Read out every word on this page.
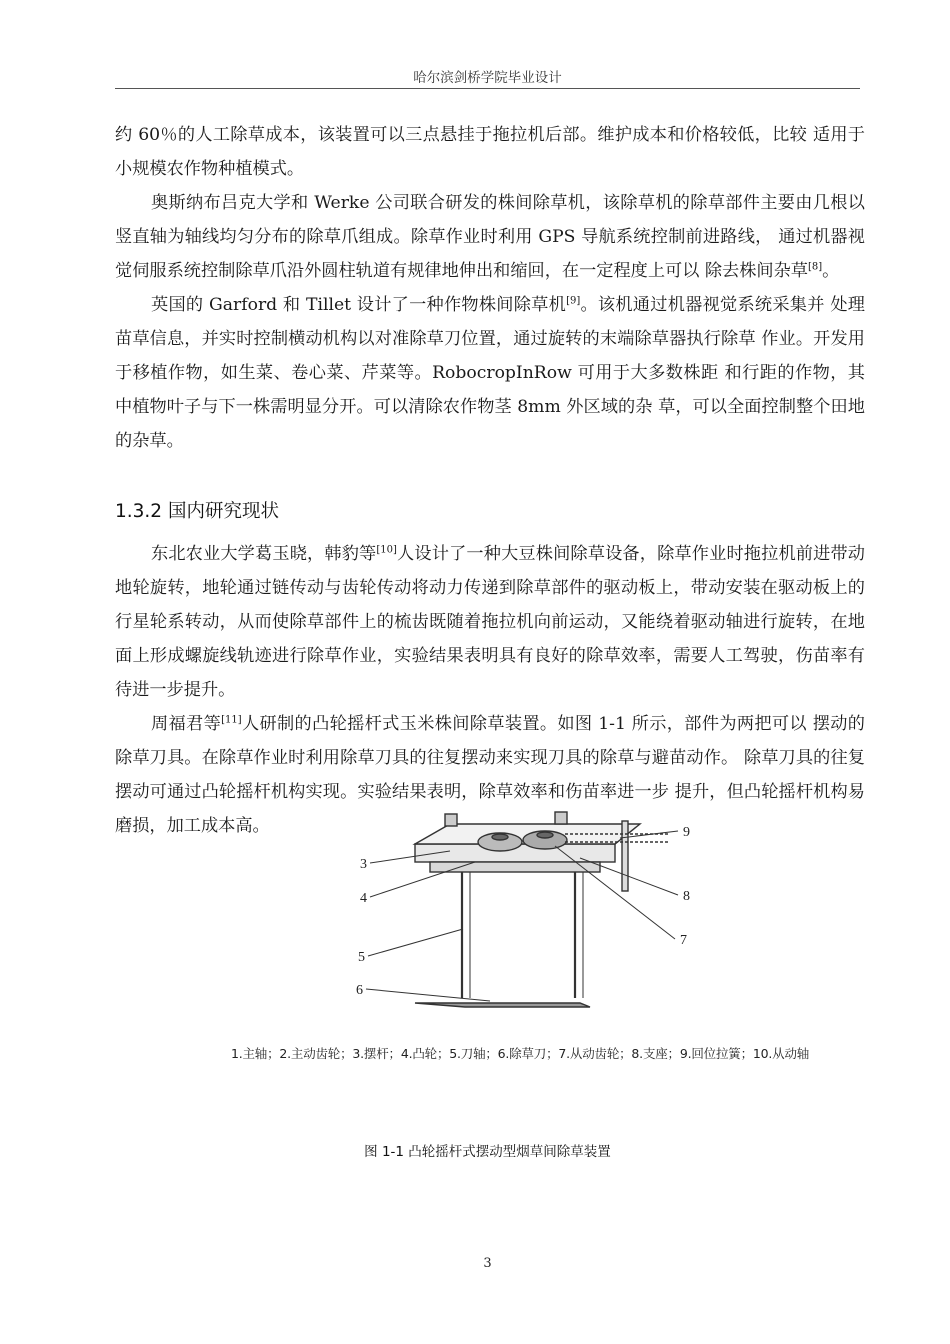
哈尔滨剑桥学院毕业设计

约 60％的人工除草成本，该装置可以三点悬挂于拖拉机后部。维护成本和价格较低，比较 适用于小规模农作物种植模式。

奥斯纳布吕克大学和 Werke 公司联合研发的株间除草机，该除草机的除草部件主要由几根以竖直轴为轴线均匀分布的除草爪组成。除草作业时利用 GPS 导航系统控制前进路线， 通过机器视觉伺服系统控制除草爪沿外圆柱轨道有规律地伸出和缩回，在一定程度上可以 除去株间杂草[8]。

英国的 Garford 和 Tillet 设计了一种作物株间除草机[9]。该机通过机器视觉系统采集并 处理苗草信息，并实时控制横动机构以对准除草刀位置，通过旋转的末端除草器执行除草 作业。开发用于移植作物，如生菜、卷心菜、芹菜等。RobocropInRow 可用于大多数株距 和行距的作物，其中植物叶子与下一株需明显分开。可以清除农作物茎 8mm 外区域的杂 草，可以全面控制整个田地的杂草。

1.3.2 国内研究现状

东北农业大学葛玉晓，韩豹等[10]人设计了一种大豆株间除草设备，除草作业时拖拉机前进带动地轮旋转，地轮通过链传动与齿轮传动将动力传递到除草部件的驱动板上，带动安装在驱动板上的行星轮系转动，从而使除草部件上的梳齿既随着拖拉机向前运动，又能绕着驱动轴进行旋转，在地面上形成螺旋线轨迹进行除草作业，实验结果表明具有良好的除草效率，需要人工驾驶，伤苗率有待进一步提升。

周福君等[11]人研制的凸轮摇杆式玉米株间除草装置。如图 1-1 所示，部件为两把可以 摆动的除草刀具。在除草作业时利用除草刀具的往复摆动来实现刀具的除草与避苗动作。 除草刀具的往复摆动可通过凸轮摇杆机构实现。实验结果表明，除草效率和伤苗率进一步 提升，但凸轮摇杆机构易磨损，加工成本高。

3
4
5
6
9
8
7
1.主轴；2.主动齿轮；3.摆杆；4.凸轮；5.刀轴；6.除草刀；7.从动齿轮；8.支座；9.回位拉簧；10.从动轴
图 1-1 凸轮摇杆式摆动型烟草间除草装置
3
